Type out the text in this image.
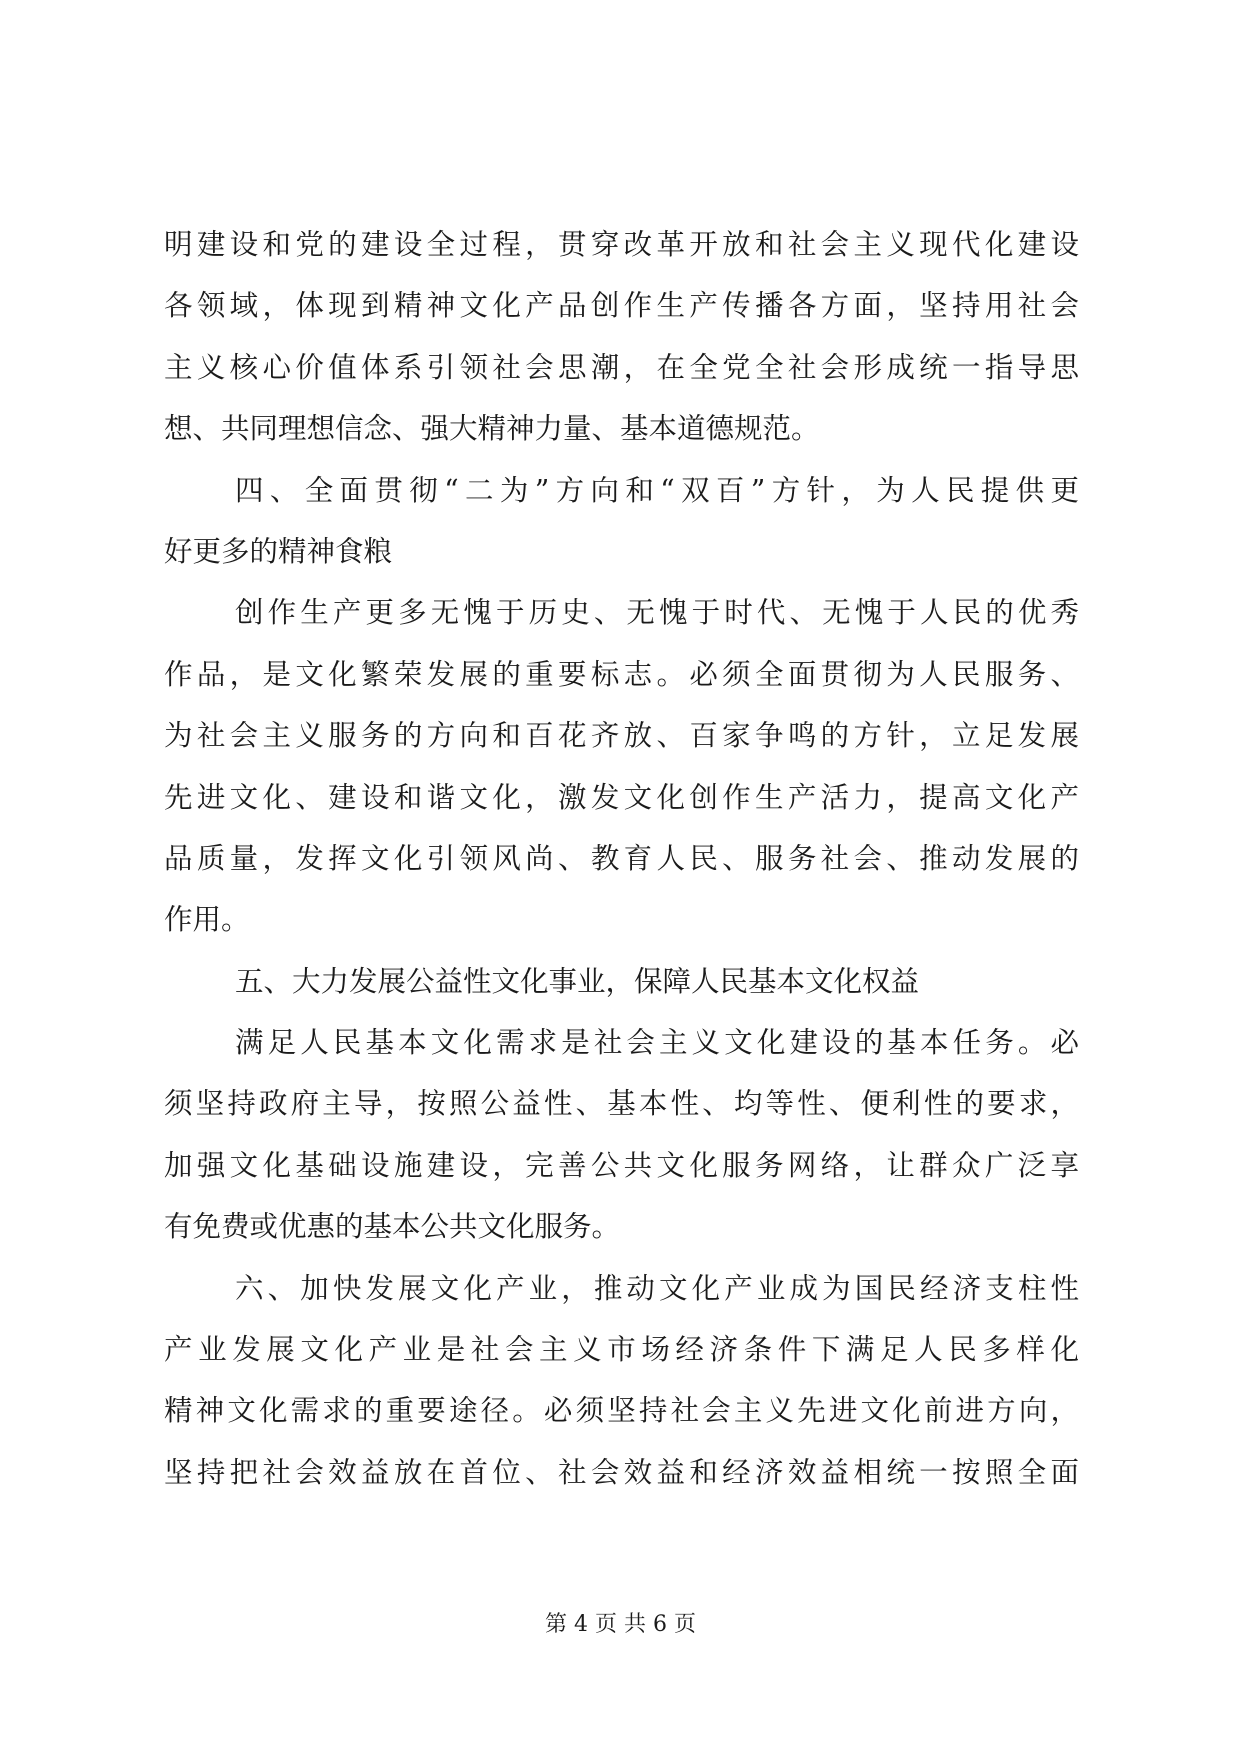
明建设和党的建设全过程，贯穿改革开放和社会主义现代化建设
各领域，体现到精神文化产品创作生产传播各方面，坚持用社会
主义核心价值体系引领社会思潮，在全党全社会形成统一指导思
想、共同理想信念、强大精神力量、基本道德规范。
四、全面贯彻“二为”方向和“双百”方针，为人民提供更
好更多的精神食粮
创作生产更多无愧于历史、无愧于时代、无愧于人民的优秀
作品，是文化繁荣发展的重要标志。必须全面贯彻为人民服务、
为社会主义服务的方向和百花齐放、百家争鸣的方针，立足发展
先进文化、建设和谐文化，激发文化创作生产活力，提高文化产
品质量，发挥文化引领风尚、教育人民、服务社会、推动发展的
作用。
五、大力发展公益性文化事业，保障人民基本文化权益
满足人民基本文化需求是社会主义文化建设的基本任务。必
须坚持政府主导，按照公益性、基本性、均等性、便利性的要求，
加强文化基础设施建设，完善公共文化服务网络，让群众广泛享
有免费或优惠的基本公共文化服务。
六、加快发展文化产业，推动文化产业成为国民经济支柱性
产业发展文化产业是社会主义市场经济条件下满足人民多样化
精神文化需求的重要途径。必须坚持社会主义先进文化前进方向，
坚持把社会效益放在首位、社会效益和经济效益相统一按照全面
第 4 页 共 6 页
